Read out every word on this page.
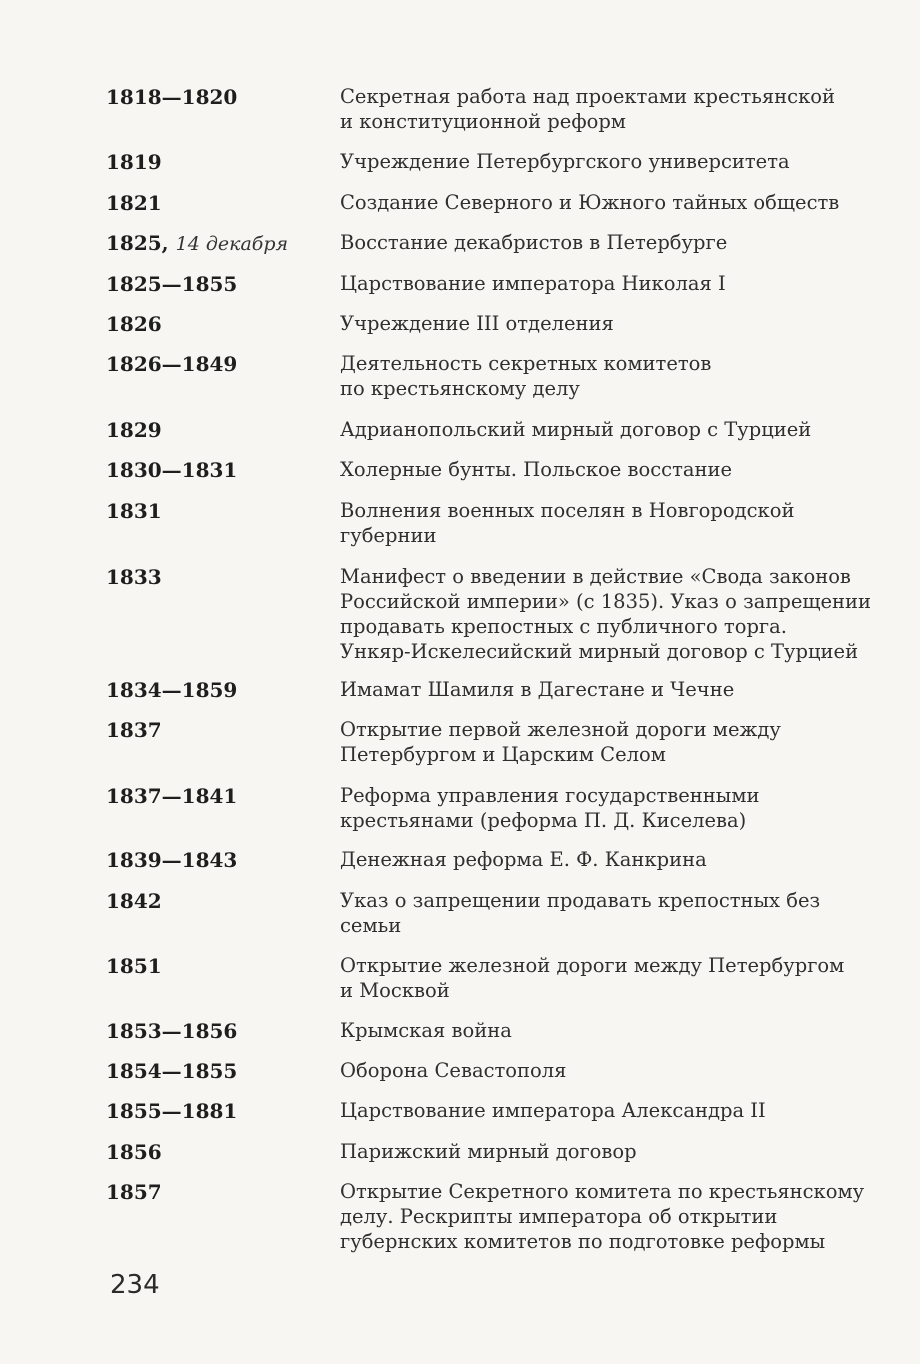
1818—1820	Секретная работа над проектами крестьянской
и конституционной реформ
1819	Учреждение Петербургского университета
1821	Создание Северного и Южного тайных обществ
1825, 14 декабря	Восстание декабристов в Петербурге
1825—1855	Царствование императора Николая I
1826	Учреждение III отделения
1826—1849	Деятельность секретных комитетов
по крестьянскому делу
1829	Адрианопольский мирный договор с Турцией
1830—1831	Холерные бунты. Польское восстание
1831	Волнения военных поселян в Новгородской
губернии
1833	Манифест о введении в действие «Свода законов
Российской империи» (с 1835). Указ о запрещении
продавать крепостных с публичного торга.
Ункяр-Искелесийский мирный договор с Турцией
1834—1859	Имамат Шамиля в Дагестане и Чечне
1837	Открытие первой железной дороги между
Петербургом и Царским Селом
1837—1841	Реформа управления государственными
крестьянами (реформа П. Д. Киселева)
1839—1843	Денежная реформа Е. Ф. Канкрина
1842	Указ о запрещении продавать крепостных без
семьи
1851	Открытие железной дороги между Петербургом
и Москвой
1853—1856	Крымская война
1854—1855	Оборона Севастополя
1855—1881	Царствование императора Александра II
1856	Парижский мирный договор
1857	Открытие Секретного комитета по крестьянскому
делу. Рескрипты императора об открытии
губернских комитетов по подготовке реформы
234
